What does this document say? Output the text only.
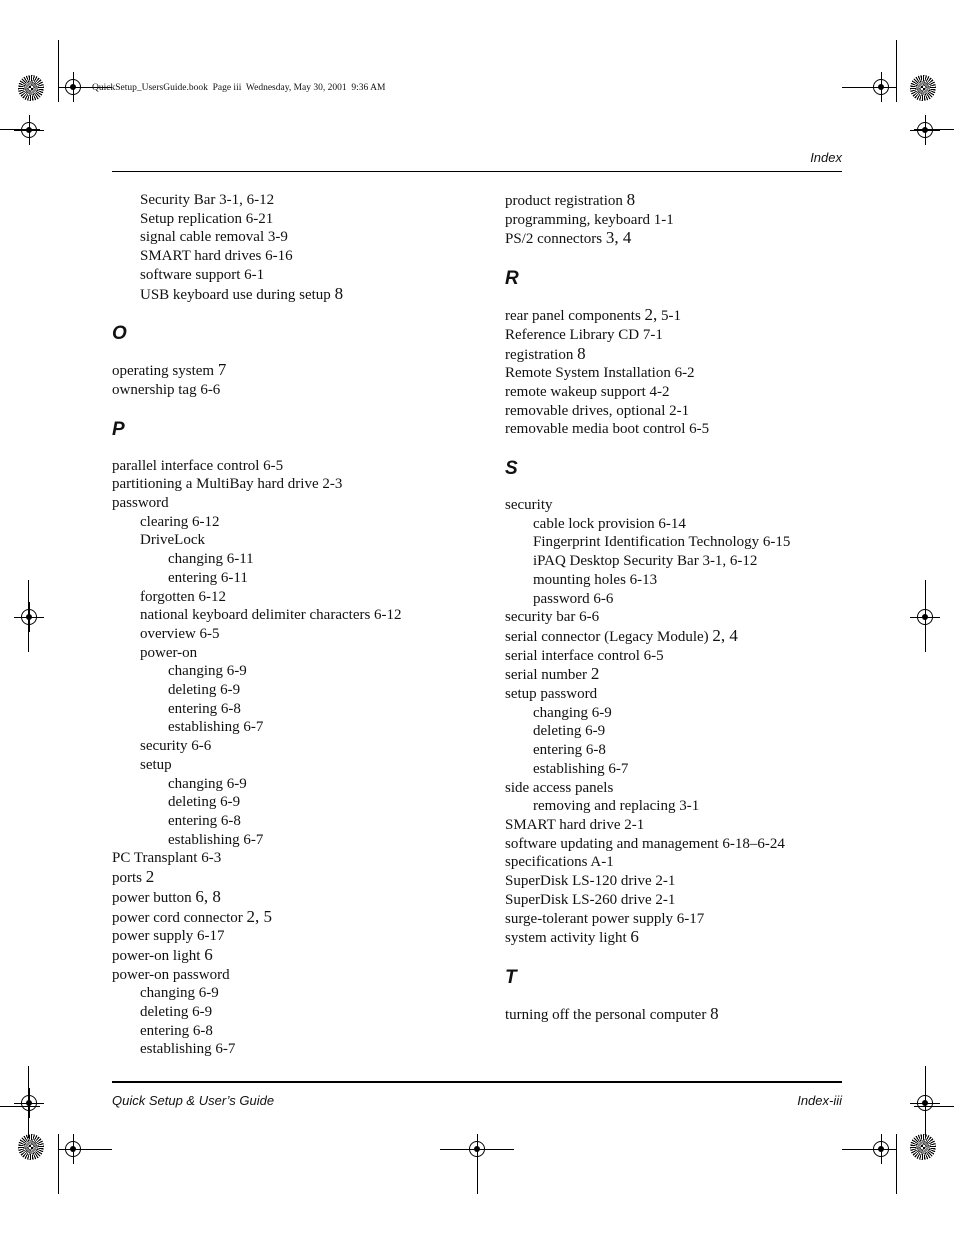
QuickSetup_UsersGuide.book  Page iii  Wednesday, May 30, 2001  9:36 AM
Index
Security Bar 3-1, 6-12
Setup replication 6-21
signal cable removal 3-9
SMART hard drives 6-16
software support 6-1
USB keyboard use during setup 8
O
operating system 7
ownership tag 6-6
P
parallel interface control 6-5
partitioning a MultiBay hard drive 2-3
password
clearing 6-12
DriveLock
changing 6-11
entering 6-11
forgotten 6-12
national keyboard delimiter characters 6-12
overview 6-5
power-on
changing 6-9
deleting 6-9
entering 6-8
establishing 6-7
security 6-6
setup
changing 6-9
deleting 6-9
entering 6-8
establishing 6-7
PC Transplant 6-3
ports 2
power button 6, 8
power cord connector 2, 5
power supply 6-17
power-on light 6
power-on password
changing 6-9
deleting 6-9
entering 6-8
establishing 6-7
product registration 8
programming, keyboard 1-1
PS/2 connectors 3, 4
R
rear panel components 2, 5-1
Reference Library CD 7-1
registration 8
Remote System Installation 6-2
remote wakeup support 4-2
removable drives, optional 2-1
removable media boot control 6-5
S
security
cable lock provision 6-14
Fingerprint Identification Technology 6-15
iPAQ Desktop Security Bar 3-1, 6-12
mounting holes 6-13
password 6-6
security bar 6-6
serial connector (Legacy Module) 2, 4
serial interface control 6-5
serial number 2
setup password
changing 6-9
deleting 6-9
entering 6-8
establishing 6-7
side access panels
removing and replacing 3-1
SMART hard drive 2-1
software updating and management 6-18–6-24
specifications A-1
SuperDisk LS-120 drive 2-1
SuperDisk LS-260 drive 2-1
surge-tolerant power supply 6-17
system activity light 6
T
turning off the personal computer 8
Quick Setup & User’s Guide	Index-iii
